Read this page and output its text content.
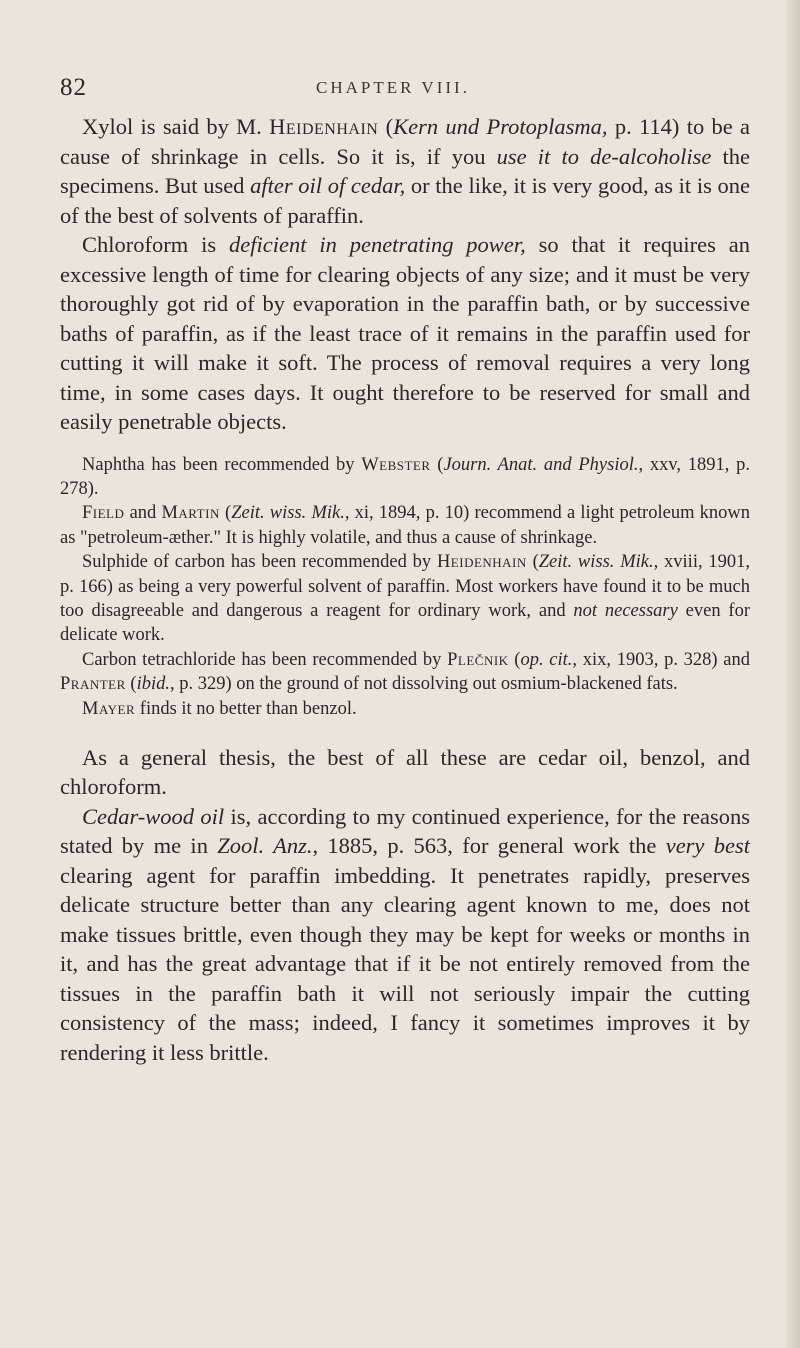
82	CHAPTER VIII.

Xylol is said by M. Heidenhain (Kern und Protoplasma, p. 114) to be a cause of shrinkage in cells. So it is, if you use it to de-alcoholise the specimens. But used after oil of cedar, or the like, it is very good, as it is one of the best of solvents of paraffin.

Chloroform is deficient in penetrating power, so that it requires an excessive length of time for clearing objects of any size; and it must be very thoroughly got rid of by evaporation in the paraffin bath, or by successive baths of paraffin, as if the least trace of it remains in the paraffin used for cutting it will make it soft. The process of removal requires a very long time, in some cases days. It ought therefore to be reserved for small and easily penetrable objects.

Naphtha has been recommended by Webster (Journ. Anat. and Physiol., xxv, 1891, p. 278).

Field and Martin (Zeit. wiss. Mik., xi, 1894, p. 10) recommend a light petroleum known as "petroleum-æther." It is highly volatile, and thus a cause of shrinkage.

Sulphide of carbon has been recommended by Heidenhain (Zeit. wiss. Mik., xviii, 1901, p. 166) as being a very powerful solvent of paraffin. Most workers have found it to be much too disagreeable and dangerous a reagent for ordinary work, and not necessary even for delicate work.

Carbon tetrachloride has been recommended by Plečnik (op. cit., xix, 1903, p. 328) and Pranter (ibid., p. 329) on the ground of not dissolving out osmium-blackened fats.

Mayer finds it no better than benzol.

As a general thesis, the best of all these are cedar oil, benzol, and chloroform.

Cedar-wood oil is, according to my continued experience, for the reasons stated by me in Zool. Anz., 1885, p. 563, for general work the very best clearing agent for paraffin imbedding. It penetrates rapidly, preserves delicate structure better than any clearing agent known to me, does not make tissues brittle, even though they may be kept for weeks or months in it, and has the great advantage that if it be not entirely removed from the tissues in the paraffin bath it will not seriously impair the cutting consistency of the mass; indeed, I fancy it sometimes improves it by rendering it less brittle.
